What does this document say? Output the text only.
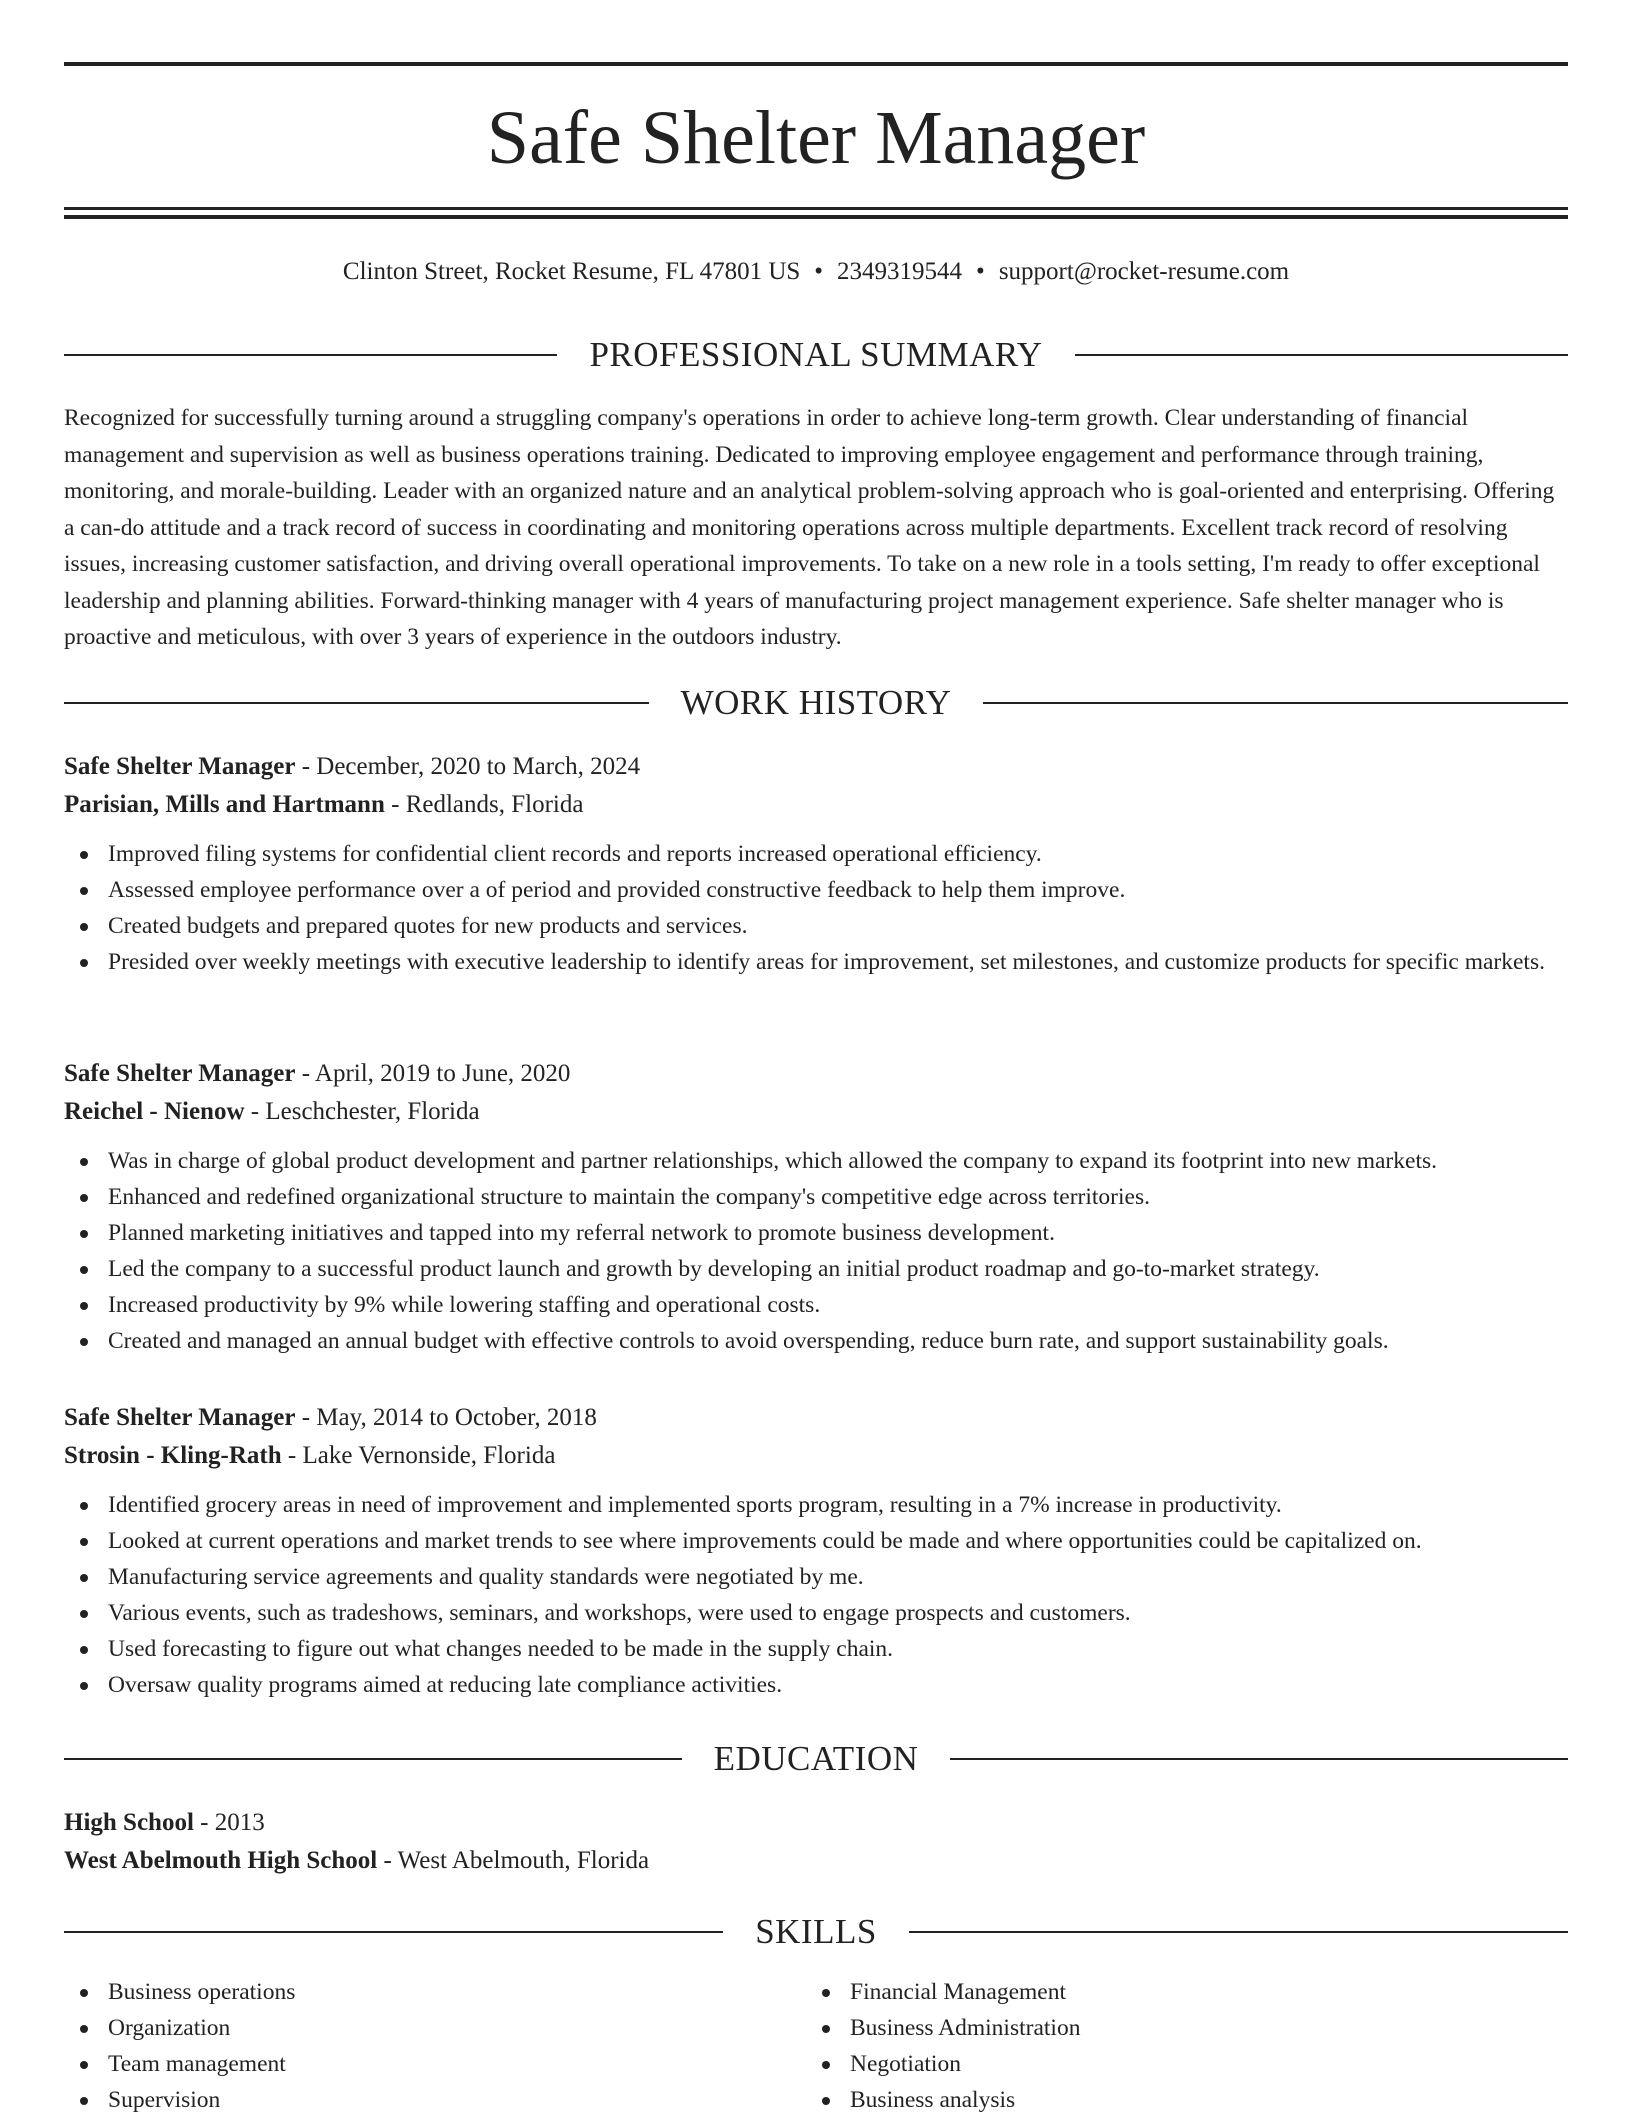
Safe Shelter Manager
Clinton Street, Rocket Resume, FL 47801 US • 2349319544 • support@rocket-resume.com
PROFESSIONAL SUMMARY

Recognized for successfully turning around a struggling company's operations in order to achieve long-term growth. Clear understanding of financial management and supervision as well as business operations training. Dedicated to improving employee engagement and performance through training, monitoring, and morale-building. Leader with an organized nature and an analytical problem-solving approach who is goal-oriented and enterprising. Offering a can-do attitude and a track record of success in coordinating and monitoring operations across multiple departments. Excellent track record of resolving issues, increasing customer satisfaction, and driving overall operational improvements. To take on a new role in a tools setting, I'm ready to offer exceptional leadership and planning abilities. Forward-thinking manager with 4 years of manufacturing project management experience. Safe shelter manager who is proactive and meticulous, with over 3 years of experience in the outdoors industry.

WORK HISTORY
Safe Shelter Manager - December, 2020 to March, 2024
Parisian, Mills and Hartmann - Redlands, Florida
Improved filing systems for confidential client records and reports increased operational efficiency.
Assessed employee performance over a of period and provided constructive feedback to help them improve.
Created budgets and prepared quotes for new products and services.
Presided over weekly meetings with executive leadership to identify areas for improvement, set milestones, and customize products for specific markets.
Safe Shelter Manager - April, 2019 to June, 2020
Reichel - Nienow - Leschchester, Florida
Was in charge of global product development and partner relationships, which allowed the company to expand its footprint into new markets.
Enhanced and redefined organizational structure to maintain the company's competitive edge across territories.
Planned marketing initiatives and tapped into my referral network to promote business development.
Led the company to a successful product launch and growth by developing an initial product roadmap and go-to-market strategy.
Increased productivity by 9% while lowering staffing and operational costs.
Created and managed an annual budget with effective controls to avoid overspending, reduce burn rate, and support sustainability goals.
Safe Shelter Manager - May, 2014 to October, 2018
Strosin - Kling-Rath - Lake Vernonside, Florida
Identified grocery areas in need of improvement and implemented sports program, resulting in a 7% increase in productivity.
Looked at current operations and market trends to see where improvements could be made and where opportunities could be capitalized on.
Manufacturing service agreements and quality standards were negotiated by me.
Various events, such as tradeshows, seminars, and workshops, were used to engage prospects and customers.
Used forecasting to figure out what changes needed to be made in the supply chain.
Oversaw quality programs aimed at reducing late compliance activities.
EDUCATION
High School - 2013
West Abelmouth High School - West Abelmouth, Florida
SKILLS
Business operations
Organization
Team management
Supervision
Financial Management
Business Administration
Negotiation
Business analysis
